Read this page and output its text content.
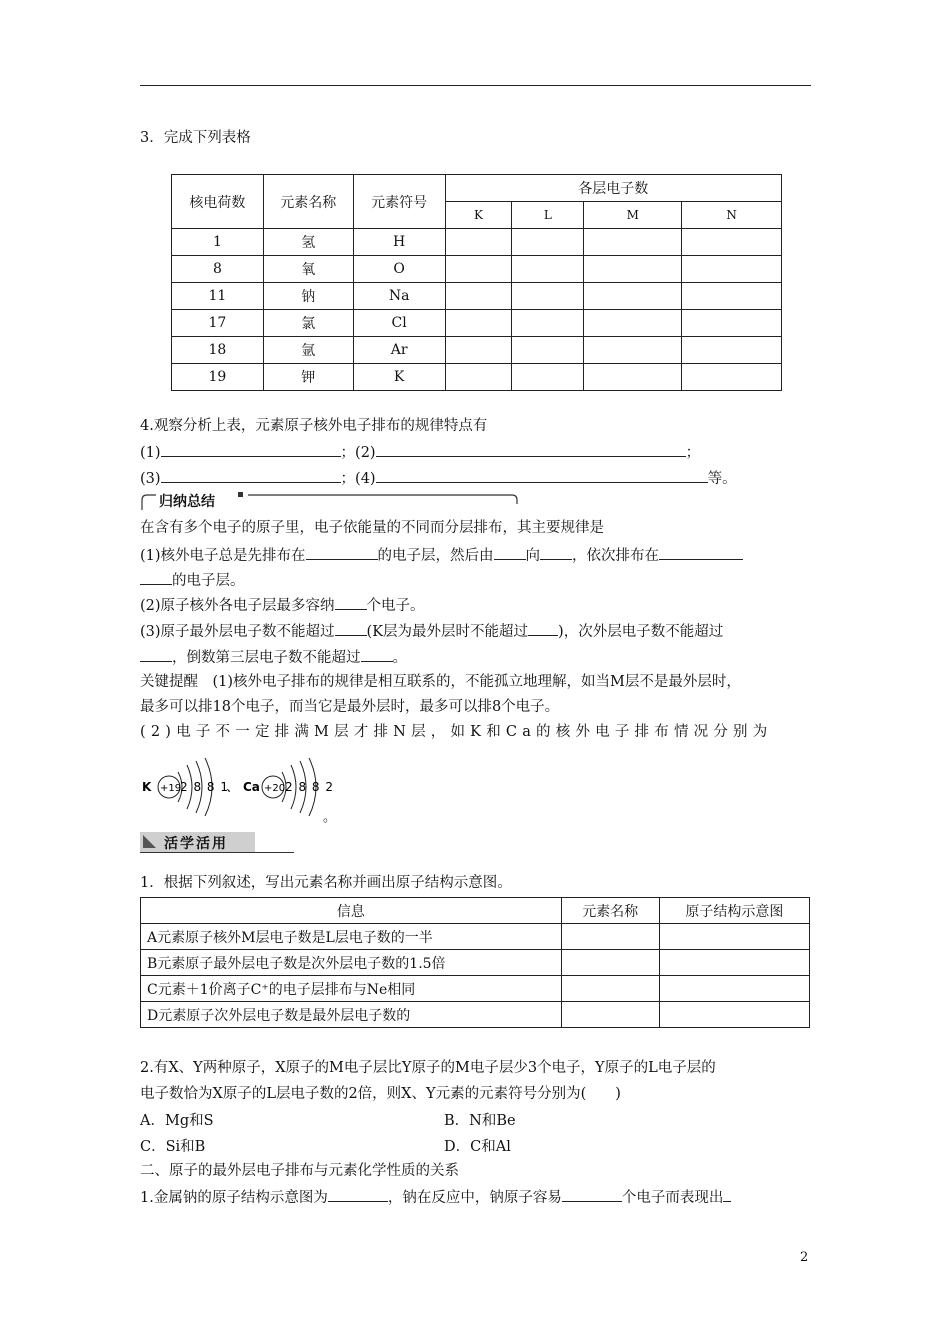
3．完成下列表格
核电荷数	元素名称	元素符号	各层电子数			
			K	L	M	N
1	氢	H				
8	氧	O				
11	钠	Na				
17	氯	Cl				
18	氩	Ar				
19	钾	K				
4.观察分析上表，元素原子核外电子排布的规律特点有
(1)	；(2)	；
(3)	；(4)	等。
归纳总结
在含有多个电子的原子里，电子依能量的不同而分层排布，其主要规律是
(1)核外电子总是先排布在	的电子层，然后由 向 ，依次排布在
的电子层。
(2)原子核外各电子层最多容纳 个电子。
(3)原子最外层电子数不能超过 (K层为最外层时不能超过 )，次外层电子数不能超过
，倒数第三层电子数不能超过 。
关键提醒　(1)核外电子排布的规律是相互联系的，不能孤立地理解，如当M层不是最外层时，
最多可以排18个电子，而当它是最外层时，最多可以排8个电子。
(2)电子不一定排满M层才排N层，如K和Ca的核外电子排布情况分别为
K +19
2 8 8 1
、 Ca +20 2 8 8 2
。
活学活用
1．根据下列叙述，写出元素名称并画出原子结构示意图。
信息	元素名称	原子结构示意图
A元素原子核外M层电子数是L层电子数的一半		
B元素原子最外层电子数是次外层电子数的1.5倍		
C元素＋1价离子C⁺的电子层排布与Ne相同		
D元素原子次外层电子数是最外层电子数的		
2.有X、Y两种原子，X原子的M电子层比Y原子的M电子层少3个电子，Y原子的L电子层的
电子数恰为X原子的L层电子数的2倍，则X、Y元素的元素符号分别为(　　)
A．Mg和S	B．N和Be
C．Si和B	D．C和Al
二、原子的最外层电子排布与元素化学性质的关系
1.金属钠的原子结构示意图为	，钠在反应中，钠原子容易	个电子而表现出
2
